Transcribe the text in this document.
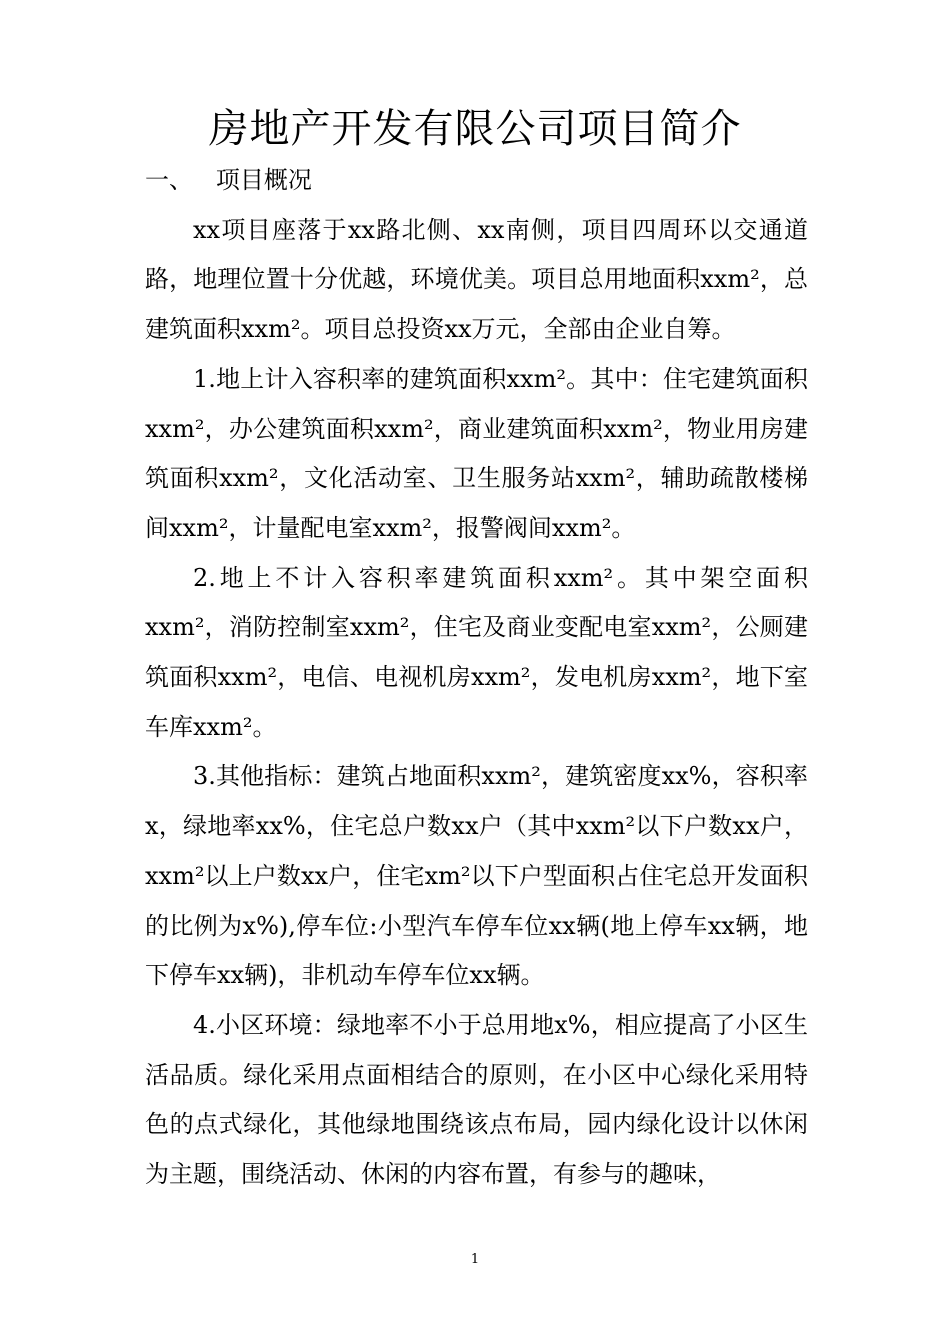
房地产开发有限公司项目简介

一、   项目概况

xx项目座落于xx路北侧、xx南侧，项目四周环以交通道路，地理位置十分优越，环境优美。项目总用地面积xxm²，总建筑面积xxm²。项目总投资xx万元，全部由企业自筹。

1.地上计入容积率的建筑面积xxm²。其中：住宅建筑面积xxm²，办公建筑面积xxm²，商业建筑面积xxm²，物业用房建筑面积xxm²，文化活动室、卫生服务站xxm²，辅助疏散楼梯间xxm²，计量配电室xxm²，报警阀间xxm²。

2.地上不计入容积率建筑面积xxm²。其中架空面积xxm²，消防控制室xxm²，住宅及商业变配电室xxm²，公厕建筑面积xxm²，电信、电视机房xxm²，发电机房xxm²，地下室车库xxm²。

3.其他指标：建筑占地面积xxm²，建筑密度xx%，容积率x，绿地率xx%，住宅总户数xx户（其中xxm²以下户数xx户，xxm²以上户数xx户，住宅xm²以下户型面积占住宅总开发面积的比例为x%),停车位:小型汽车停车位xx辆(地上停车xx辆，地下停车xx辆)，非机动车停车位xx辆。

4.小区环境：绿地率不小于总用地x%，相应提高了小区生活品质。绿化采用点面相结合的原则，在小区中心绿化采用特色的点式绿化，其他绿地围绕该点布局，园内绿化设计以休闲为主题，围绕活动、休闲的内容布置，有参与的趣味，

1
